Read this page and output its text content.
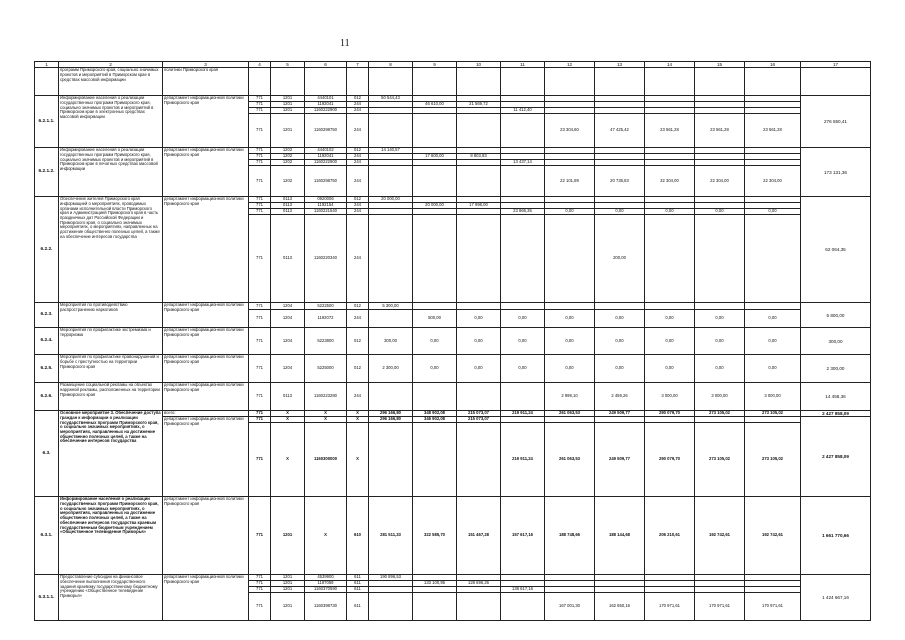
11
1	2	3	4	5	6	7	8	9	10	11	12	13	14	15	16	17
	программ Приморского края, социально значимых проектов и мероприятий в Приморском крае в средствах массовой информации	политики Приморского края														
6.2.1.1.	Информирование населения о реализации государственных программ Приморского края, социально значимых проектов и мероприятий в Приморском крае в электронных средствах массовой информации	департамент информационной политики Приморского края	771	1201	4440101	012	50 544,43									276 550,41
			771	1201	1192041	244		46 610,00	21 569,72							
			771	1201	1160222900	244				11 412,40						
			771	1201	1160298750	244					23 304,60	47 425,42	23 561,28	23 561,28	23 561,28	
6.2.1.2.	Информирование населения о реализации государственных программ Приморского края, социально значимых проектов и мероприятий в Приморском крае в печатных средствах массовой информации	департамент информационной политики Приморского края	771	1202	4440102	012	14 140,57									173 131,36
			771	1202	1192041	244		17 600,00	8 803,93							
			771	1202	1160222900	244				13 437,14						
			771	1202	1160298750	244					22 101,89	20 735,83	32 304,00	22 304,00	22 304,00	
6.2.2.	Обеспечение жителей Приморского края информацией о мероприятиях, проводимых органами исполнительной власти Приморского края и Администрацией Приморского края в часть праздничных дат Российской Федерации и Приморского края, о социально значимых мероприятиях, о мероприятиях, направленных на достижение общественно полезных целей, а также на обеспечение интересов государства	департамент информационной политики Приморского края	771	0113	0920006	012	20 000,00									62 064,35
			771	0113	1192154	244		20 000,00	17 998,00							
			771	0113	1160221540	244				23 866,35	0,00	0,00	0,00	0,00	0,00	
			771	0113	1160220340	244						200,00				
6.2.3.	Мероприятия по противодействию распространению наркотиков	департамент информационной политики Приморского края	771	1204	5222500	012	5 300,00									5 800,00
			771	1204	1192072	244		500,00	0,00	0,00	0,00	0,00	0,00	0,00	0,00	
6.2.4.	Мероприятия по профилактике экстремизма и терроризма	департамент информационной политики Приморского края	771	1204	5223800	012	300,00	0,00	0,00	0,00	0,00	0,00	0,00	0,00	0,00	300,00
6.2.5.	Мероприятия по профилактике правонарушений и борьбе с преступностью на территории Приморского края	департамент информационной политики Приморского края	771	1204	5225000	012	2 300,00	0,00	0,00	0,00	0,00	0,00	0,00	0,00	0,00	2 300,00
6.2.6.	Размещение социальной рекламы на объектах наружной рекламы, расположенных на территории Приморского края	департамент информационной политики Приморского края	771	0113	1160223280	244					2 998,10	2 459,26	3 000,00	3 000,00	3 000,00	14 458,36
6.3.	Основное мероприятие 3. Обеспечение доступа граждан к информации о реализации государственных программ Приморского края, о социально значимых мероприятиях, о мероприятиях, направленных на достижение общественно полезных целей, а также на обеспечение интересов государства	всего:	771	X	X	X	296 166,80	348 902,08	215 073,07	219 911,24	261 063,53	249 509,77	290 079,70	273 105,02	273 105,02	2 427 858,09
		департамент информационной политики Приморского края	771	X	X	X	296 166,80	346 902,08	215 073,07							2 427 858,09
			771	X	1160300000	X				219 911,24	261 063,53	249 509,77	290 079,70	273 105,02	273 105,02	
6.3.1.	Информирование населения о реализации государственных программ Приморского края, о социально значимых мероприятиях, о мероприятиях, направленных на достижение общественно полезных целей, а также на обеспечение интересов государства краевым государственным бюджетным учреждением «Общественное телевидение Приморья»	департамент информационной политики Приморского края	771	1201	X	610	281 511,33	322 585,70	151 467,28	157 617,16	188 748,66	188 144,68	206 210,61	192 742,61	192 742,61	1 661 770,66
6.3.1.1.	Предоставление субсидии на финансовое обеспечение выполнения государственного задания краевому государственному бюджетному учреждению «Общественное телевидение Приморья»	департамент информационной политики Приморского края	771	1201	4539900	611	190 896,53									1 424 667,16
			771	1201	1197059	611		133 100,95	128 696,26							
			771	1201	1160370590	611				138 617,16						
			771	1201	1160398730	611					167 001,30	162 650,16	170 971,61	170 971,61	170 971,61	
